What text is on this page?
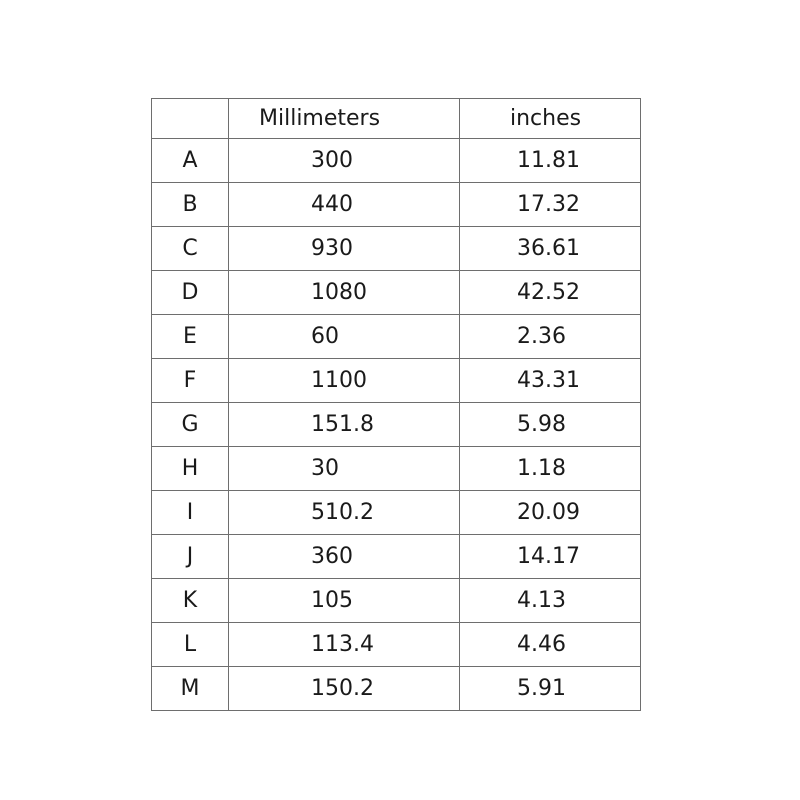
	Millimeters	inches
A	300	11.81
B	440	17.32
C	930	36.61
D	1080	42.52
E	60	2.36
F	1100	43.31
G	151.8	5.98
H	30	1.18
I	510.2	20.09
J	360	14.17
K	105	4.13
L	113.4	4.46
M	150.2	5.91
